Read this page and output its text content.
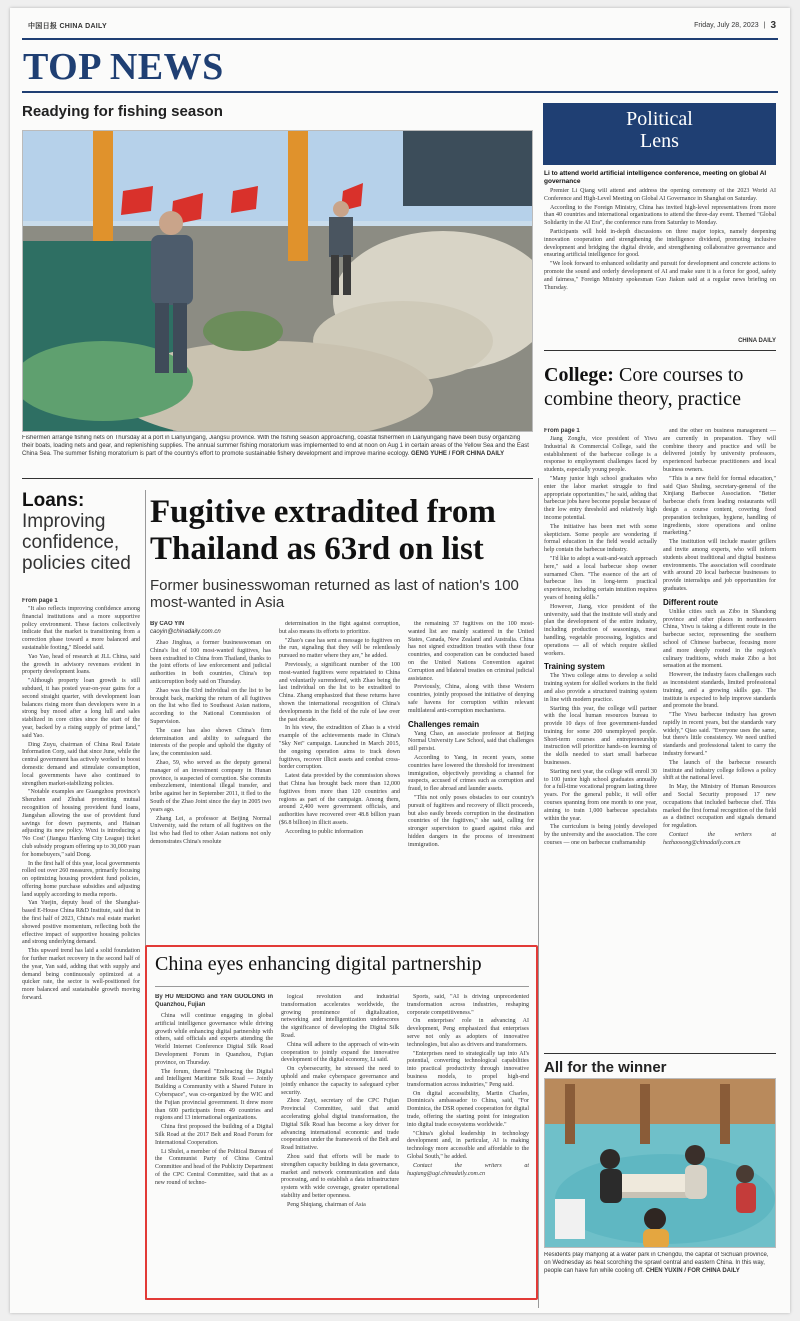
中国日报 CHINA DAILY	Friday, July 28, 2023 | 3
TOP NEWS
Readying for fishing season
Fishermen arrange fishing nets on Thursday at a port in Lianyungang, Jiangsu province. With the fishing season approaching, coastal fishermen in Lianyungang have been busy organizing their boats, loading nets and gear, and replenishing supplies. The annual summer fishing moratorium was implemented to end at noon on Aug 1 in certain areas of the Yellow Sea and the East China Sea. The summer fishing moratorium is part of the country's effort to promote sustainable fishery development and improve marine ecology. GENG YUHE / FOR CHINA DAILY
Political
Lens
Li to attend world artificial intelligence conference, meeting on global AI governance

Premier Li Qiang will attend and address the opening ceremony of the 2023 World AI Conference and High-Level Meeting on Global AI Governance in Shanghai on Saturday.

According to the Foreign Ministry, China has invited high-level representatives from more than 40 countries and international organizations to attend the three-day event. Themed "Global Solidarity in the AI Era", the conference runs from Saturday to Monday.

Participants will hold in-depth discussions on three major topics, namely deepening innovation cooperation and strengthening the intelligence dividend, promoting inclusive development and bridging the digital divide, and strengthening collaborative governance and ensuring artificial intelligence for good.

"We look forward to enhanced solidarity and pursuit for development and concrete actions to promote the sound and orderly development of AI and make sure it is a force for good, safety and fairness," Foreign Ministry spokesman Guo Jiakun said at a regular news briefing on Thursday.

CHINA DAILY
College: Core courses to combine theory, practice

From page 1

Jiang Zongfu, vice president of Yiwu Industrial & Commercial College, said the establishment of the barbecue college is a response to employment challenges faced by students, especially young people.

"Many junior high school graduates who enter the labor market struggle to find appropriate opportunities," he said, adding that barbecue jobs have become popular because of their low entry threshold and relatively high income potential.

The initiative has been met with some skepticism. Some people are wondering if formal education in the field would actually help contain the barbecue industry.

"I'd like to adopt a wait-and-watch approach here," said a local barbecue shop owner surnamed Chen. "The essence of the art of barbecue lies in long-term practical experience, including certain intuition requires years of honing skills."

However, Jiang, vice president of the university, said that the institute will study and plan the development of the entire industry, including production of seasonings, meat handling, vegetable processing, logistics and operations — all of which require skilled workers.

Training system

The Yiwu college aims to develop a solid training system for skilled workers in the field and also provide a structured training system in line with modern practice.

Starting this year, the college will partner with the local human resources bureau to provide 10 days of free government-funded training for some 200 unemployed people. Short-term courses and entrepreneurship instruction will prioritize hands-on learning of the skills needed to start small barbecue businesses.

Starting next year, the college will enroll 30 to 100 junior high school graduates annually for a full-time vocational program lasting three years. For the general public, it will offer courses spanning from one month to one year, aiming to train 1,000 barbecue specialists within the year.

The curriculum is being jointly developed by the university and the association. The core courses — one on barbecue craftsmanship

and the other on business management — are currently in preparation. They will combine theory and practice and will be delivered jointly by university professors, experienced barbecue practitioners and local business owners.

"This is a new field for formal education," said Qiao Shuling, secretary-general of the Xinjiang Barbecue Association. "Better barbecue chefs from leading restaurants will design a course content, covering food preparation techniques, hygiene, handling of ingredients, store operations and online marketing."

The institution will include master grillers and invite among experts, who will inform students about traditional and digital business environments. The association will coordinate with around 20 local barbecue businesses to provide internships and job opportunities for graduates.

Different route

Unlike cities such as Zibo in Shandong province and other places in northeastern China, Yiwu is taking a different route in the barbecue sector, representing the southern school of Chinese barbecue, focusing more and more deeply rooted in the region's culinary traditions, which make Zibo a hot sensation at the moment.

However, the industry faces challenges such as inconsistent standards, limited professional training, and a growing skills gap. The institute is expected to help improve standards and promote the brand.

"The Yiwu barbecue industry has grown rapidly in recent years, but the standards vary widely," Qiao said. "Everyone uses the same, but there's little consistency. We need unified standards and professional talent to carry the industry forward."

The launch of the barbecue research institute and industry college follows a policy shift at the national level.

In May, the Ministry of Human Resources and Social Security proposed 17 new occupations that included barbecue chef. This marked the first formal recognition of the field as a distinct occupation and signals demand for regulation.

Contact the writers at hezhaosong@chinadaily.com.cn

All for the winner
Residents play mahjong at a water park in Chengdu, the capital of Sichuan province, on Wednesday as heat scorching the sprawl central and eastern China. In this way, people can have fun while cooling off. CHEN YUXIN / FOR CHINA DAILY
Loans:
Improving confidence, policies cited

From page 1

"It also reflects improving confidence among financial institutions and a more supportive policy environment. These factors collectively indicate that the market is transitioning from a correction phase toward a more balanced and sustainable footing," Bloedel said.

Yao Yao, head of research at JLL China, said the growth in advisory revenues evident in property development loans.

"Although property loan growth is still subdued, it has posted year-on-year gains for a second straight quarter, with development loan balances rising more than developers were in a strong buy mood after a long lull and sales stabilized in core cities since the start of the year, backed by a rising supply of prime land," said Yao.

Ding Zuyu, chairman of China Real Estate Information Corp, said that since June, while the central government has actively worked to boost domestic demand and stimulate consumption, local governments have also continued to strengthen market-stabilizing policies.

"Notable examples are Guangzhou province's Shenzhen and Zhuhai promoting mutual recognition of housing provident fund loans, Jiangshan allowing the use of provident fund savings for down payments, and Hainan adjusting its new policy. Wuxi is introducing a 'No Cost' (Jiangsu Hanfeng City League) ticket club subsidy program offering up to 30,000 yuan for homebuyers," said Dong.

In the first half of this year, local governments rolled out over 260 measures, primarily focusing on optimizing housing provident fund policies, offering home purchase subsidies and adjusting land supply according to media reports.

Yan Yuejin, deputy head of the Shanghai-based E-House China R&D Institute, said that in the first half of 2023, China's real estate market showed positive momentum, reflecting both the effective impact of supportive housing policies and strong underlying demand.

This upward trend has laid a solid foundation for further market recovery in the second half of the year, Yan said, adding that with supply and demand being continuously optimized at a quicker rate, the sector is well-positioned for more balanced and sustainable growth moving forward.

Fugitive extradited from Thailand as 63rd on list
Former businesswoman returned as last of nation's 100 most-wanted in Asia
By CAO YIN
caoyin@chinadaily.com.cn

Zhao Jinghua, a former businesswoman on China's list of 100 most-wanted fugitives, has been extradited to China from Thailand, thanks to the joint efforts of law enforcement and judicial authorities in both countries, China's top anticorruption body said on Thursday.

Zhao was the 63rd individual on the list to be brought back, marking the return of all fugitives on the list who fled to Southeast Asian nations, according to the National Commission of Supervision.

The case has also shown China's firm determination and ability to safeguard the interests of the people and uphold the dignity of law, the commission said.

Zhao, 59, who served as the deputy general manager of an investment company in Hunan province, is suspected of corruption. She commits embezzlement, intentional illegal transfer, and bribe against her in September 2011, it fled to the South of the Zhao Joint since the day in 2005 two years ago.

Zhang Lei, a professor at Beijing Normal University, said the return of all fugitives on the list who had fled to other Asian nations not only demonstrates China's resolute

determination in the fight against corruption, but also means its efforts to prioritize.

"Zhao's case has sent a message to fugitives on the run, signaling that they will be relentlessly pursued no matter where they are," he added.

Previously, a significant number of the 100 most-wanted fugitives were repatriated to China and voluntarily surrendered, with Zhao being the last individual on the list to be extradited to China. Zhang emphasized that these returns have shown the international recognition of China's developments in the field of the rule of law over the past decade.

In his view, the extradition of Zhao is a vivid example of the achievements made in China's "Sky Net" campaign. Launched in March 2015, the ongoing operation aims to track down fugitives, recover illicit assets and combat cross-border corruption.

Latest data provided by the commission shows that China has brought back more than 12,000 fugitives from more than 120 countries and regions as part of the campaign. Among them, around 2,400 were government officials, and authorities have recovered over 48.8 billion yuan ($6.8 billion) in illicit assets.

According to public information

the remaining 37 fugitives on the 100 most-wanted list are mainly scattered in the United States, Canada, New Zealand and Australia. China has not signed extradition treaties with these four countries, and cooperation can be conducted based on the United Nations Convention against Corruption and bilateral treaties on criminal judicial assistance.

Previously, China, along with these Western countries, jointly proposed the initiative of denying safe havens for corruption within relevant multilateral anti-corruption mechanisms.

Challenges remain

Yang Chao, an associate professor at Beijing Normal University Law School, said that challenges still persist.

According to Yang, in recent years, some countries have lowered the threshold for investment immigration, objectively providing a channel for suspects, accused of crimes such as corruption and fraud, to flee abroad and launder assets.

"This not only poses obstacles to our country's pursuit of fugitives and recovery of illicit proceeds, but also easily breeds corruption in the destination countries of the fugitives," she said, calling for stronger supervision to guard against risks and hidden dangers in the process of investment immigration.

China eyes enhancing digital partnership
By HU MEIDONG and YAN GUOLONG in Quanzhou, Fujian

China will continue engaging in global artificial intelligence governance while driving growth while enhancing digital partnership with others, said officials and experts attending the World Internet Conference Digital Silk Road Development Forum in Quanzhou, Fujian province, on Thursday.

The forum, themed "Embracing the Digital and Intelligent Maritime Silk Road — Jointly Building a Community with a Shared Future in Cyberspace", was co-organized by the WIC and the Fujian provincial government. It drew more than 600 participants from 49 countries and regions and 13 international organizations.

China first proposed the building of a Digital Silk Road at the 2017 Belt and Road Forum for International Cooperation.

Li Shulei, a member of the Political Bureau of the Communist Party of China Central Committee and head of the Publicity Department of the CPC Central Committee, said that as a new round of techno-

logical revolution and industrial transformation accelerates worldwide, the growing prominence of digitalization, networking and intelligentization underscores the significance of developing the Digital Silk Road.

China will adhere to the approach of win-win cooperation to jointly expand the innovative development of the digital economy, Li said.

On cybersecurity, he stressed the need to uphold and make cyberspace governance and jointly enhance the capacity to safeguard cyber security.

Zhou Zuyi, secretary of the CPC Fujian Provincial Committee, said that amid accelerating global digital transformation, the Digital Silk Road has become a key driver for advancing international economic and trade cooperation under the framework of the Belt and Road Initiative.

Zhou said that efforts will be made to strengthen capacity building in data governance, market and network communication and data processing, and to establish a data infrastructure system with wide coverage, greater operational stability and better openness.

Peng Shiqiang, chairman of Asia

Sports, said, "AI is driving unprecedented transformation across industries, reshaping corporate competitiveness."

On enterprises' role in advancing AI development, Peng emphasized that enterprises serve not only as adopters of innovative technologies, but also as drivers and transformers.

"Enterprises need to strategically tap into AI's potential, converting technological capabilities into practical productivity through innovative business models, to propel high-end transformation across industries," Peng said.

On digital accessibility, Martin Charles, Dominica's ambassador to China, said, "For Dominica, the DSR opened cooperation for digital trade, offering the starting point for integration into digital trade ecosystems worldwide."

"China's global leadership in technology development and, in particular, AI is making technology more accessible and affordable to the Global South," he added.

Contact the writers at huqiang@ugi.chinadaily.com.cn
